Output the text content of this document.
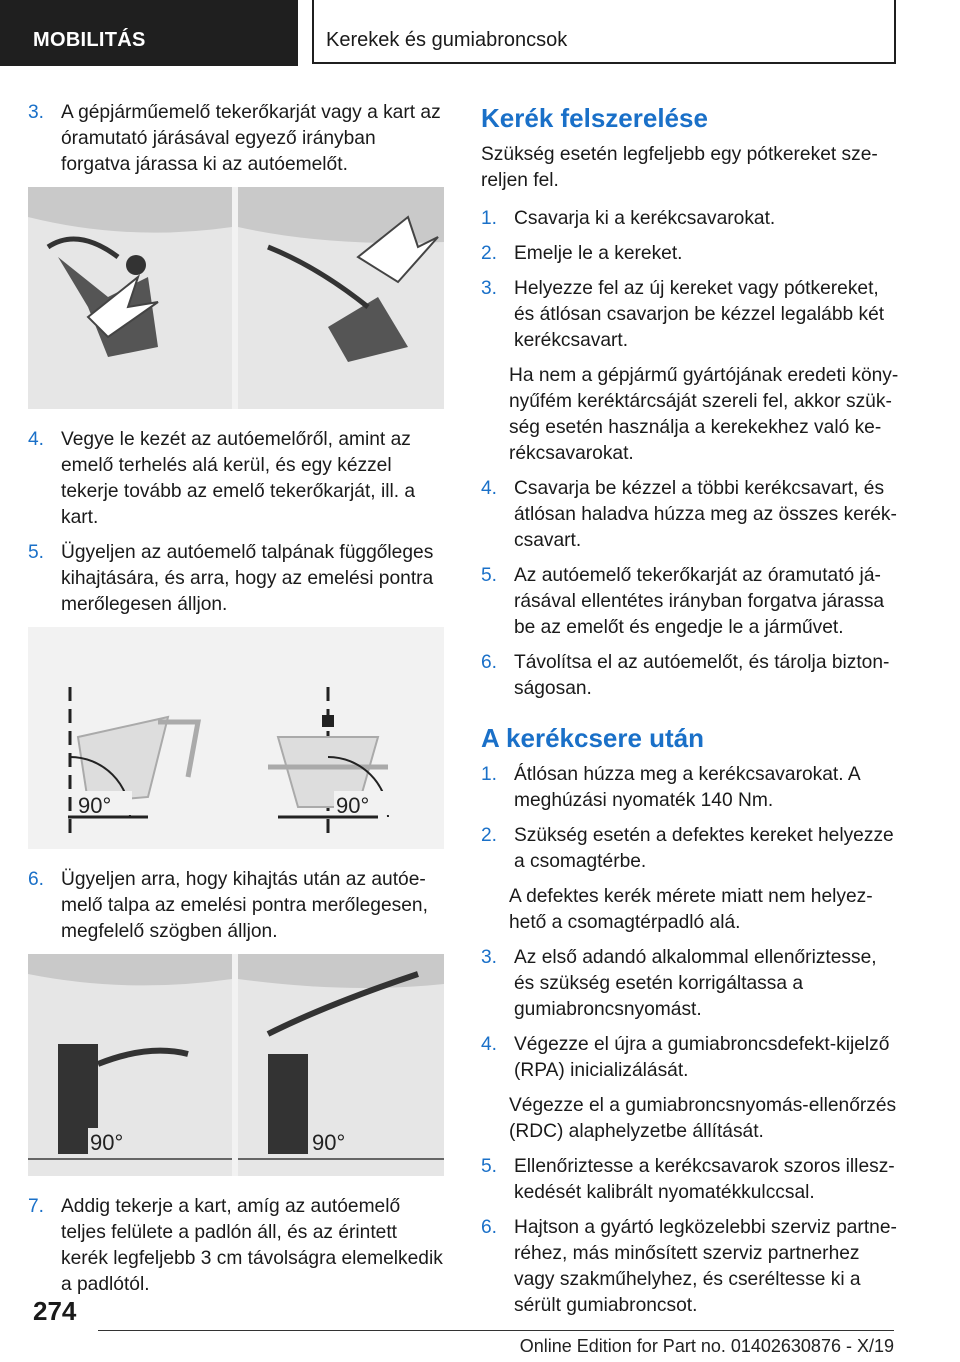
MOBILITÁS	Kerekek és gumiabroncsok
3. A gépjárműemelő tekerőkarját vagy a kart az óramutató járásával egyező irányban forgatva járassa ki az autóemelőt.
4. Vegye le kezét az autóemelőről, amint az emelő terhelés alá kerül, és egy kézzel tekerje tovább az emelő tekerőkarját, ill. a kart.
5. Ügyeljen az autóemelő talpának függőleges kihajtására, és arra, hogy az emelési pontra merőlegesen álljon.
90°	90°
6. Ügyeljen arra, hogy kihajtás után az autóemelő talpa az emelési pontra merőlegesen, megfelelő szögben álljon.
90°	90°
7. Addig tekerje a kart, amíg az autóemelő teljes felülete a padlón áll, és az érintett kerék legfeljebb 3 cm távolságra elemelkedik a padlótól.
Kerék felszerelése
Szükség esetén legfeljebb egy pótkereket szereljen fel.
1. Csavarja ki a kerékcsavarokat.
2. Emelje le a kereket.
3. Helyezze fel az új kereket vagy pótkereket, és átlósan csavarjon be kézzel legalább két kerékcsavart.
Ha nem a gépjármű gyártójának eredeti könynyűfém keréktárcsáját szereli fel, akkor szükség esetén használja a kerekekhez való kerékcsavarokat.
4. Csavarja be kézzel a többi kerékcsavart, és átlósan haladva húzza meg az összes kerékcsavart.
5. Az autóemelő tekerőkarját az óramutató járásával ellentétes irányban forgatva járassa be az emelőt és engedje le a járművet.
6. Távolítsa el az autóemelőt, és tárolja biztonságosan.
A kerékcsere után
1. Átlósan húzza meg a kerékcsavarokat. A meghúzási nyomaték 140 Nm.
2. Szükség esetén a defektes kereket helyezze a csomagtérbe.
A defektes kerék mérete miatt nem helyezhető a csomagtérpadló alá.
3. Az első adandó alkalommal ellenőriztesse, és szükség esetén korrigáltassa a gumiabroncsnyomást.
4. Végezze el újra a gumiabroncsdefekt-kijelző (RPA) inicializálását.
Végezze el a gumiabroncsnyomás-ellenőrzés (RDC) alaphelyzetbe állítását.
5. Ellenőriztesse a kerékcsavarok szoros illeszkedését kalibrált nyomatékkulccsal.
6. Hajtson a gyártó legközelebbi szerviz partneréhez, más minősített szerviz partnerhez vagy szakműhelyhez, és cseréltesse ki a sérült gumiabroncsot.
274
Online Edition for Part no. 01402630876 - X/19
